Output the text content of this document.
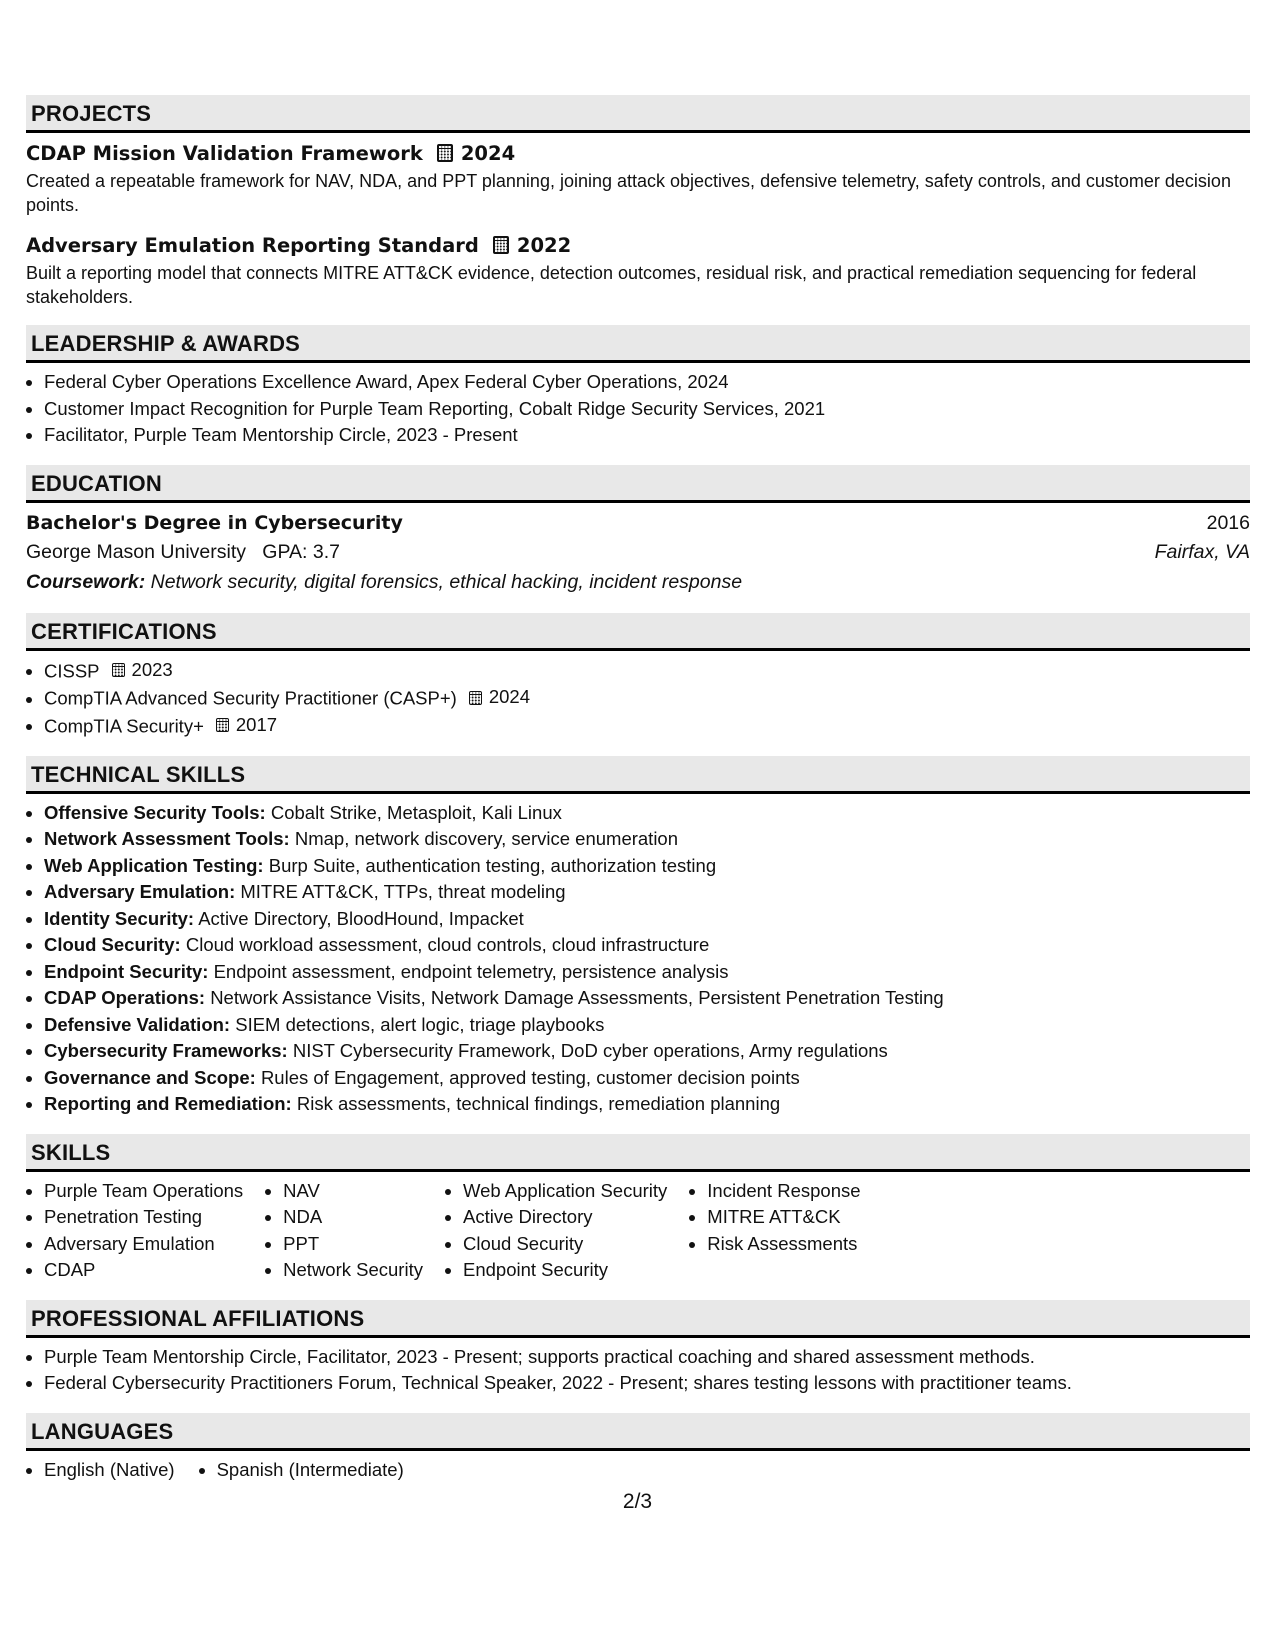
PROJECTS
CDAP Mission Validation Framework 2024
Created a repeatable framework for NAV, NDA, and PPT planning, joining attack objectives, defensive telemetry, safety controls, and customer decision points.
Adversary Emulation Reporting Standard 2022
Built a reporting model that connects MITRE ATT&CK evidence, detection outcomes, residual risk, and practical remediation sequencing for federal stakeholders.
LEADERSHIP & AWARDS
• Federal Cyber Operations Excellence Award, Apex Federal Cyber Operations, 2024
• Customer Impact Recognition for Purple Team Reporting, Cobalt Ridge Security Services, 2021
• Facilitator, Purple Team Mentorship Circle, 2023 - Present
EDUCATION
Bachelor's Degree in Cybersecurity	2016
George Mason University GPA: 3.7	Fairfax, VA
Coursework: Network security, digital forensics, ethical hacking, incident response
CERTIFICATIONS
• CISSP 2023
• CompTIA Advanced Security Practitioner (CASP+) 2024
• CompTIA Security+ 2017
TECHNICAL SKILLS
• Offensive Security Tools: Cobalt Strike, Metasploit, Kali Linux
• Network Assessment Tools: Nmap, network discovery, service enumeration
• Web Application Testing: Burp Suite, authentication testing, authorization testing
• Adversary Emulation: MITRE ATT&CK, TTPs, threat modeling
• Identity Security: Active Directory, BloodHound, Impacket
• Cloud Security: Cloud workload assessment, cloud controls, cloud infrastructure
• Endpoint Security: Endpoint assessment, endpoint telemetry, persistence analysis
• CDAP Operations: Network Assistance Visits, Network Damage Assessments, Persistent Penetration Testing
• Defensive Validation: SIEM detections, alert logic, triage playbooks
• Cybersecurity Frameworks: NIST Cybersecurity Framework, DoD cyber operations, Army regulations
• Governance and Scope: Rules of Engagement, approved testing, customer decision points
• Reporting and Remediation: Risk assessments, technical findings, remediation planning
SKILLS
• Purple Team Operations
• Penetration Testing
• Adversary Emulation
• CDAP
• NAV
• NDA
• PPT
• Network Security
• Web Application Security
• Active Directory
• Cloud Security
• Endpoint Security
• Incident Response
• MITRE ATT&CK
• Risk Assessments
PROFESSIONAL AFFILIATIONS
• Purple Team Mentorship Circle, Facilitator, 2023 - Present; supports practical coaching and shared assessment methods.
• Federal Cybersecurity Practitioners Forum, Technical Speaker, 2022 - Present; shares testing lessons with practitioner teams.
LANGUAGES
• English (Native)
• Spanish (Intermediate)
2/3
